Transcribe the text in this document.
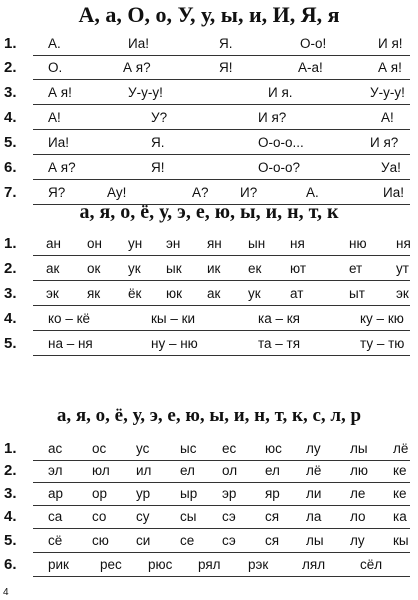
А, а, О, о, У, у, ы, и, И, Я, я
а, я, о, ё, у, э, е, ю, ы, и, н, т, к
а, я, о, ё, у, э, е, ю, ы, и, н, т, к, с, л, р
1. А.	Иа!	Я.	О-о!	И я!
2. О.	А я?	Я!	А-а!	А я!
3. А я!	У-у-у!	И я.	У-у-у!
4. А!	У?	И я?	А!
5. Иа!	Я.	О-о-о...	И я?
6. А я?	Я!	О-о-о?	Уа!
7. Я?	Ау!	А? И?	А.	Иа!
1. ан он ун эн ян ын ня	ню ня
2. ак ок ук ык ик ек ют	ет	ут
3. эк як ёк юк ак ук ат	ыт эк
4. ко – кё	кы – ки	ка – кя	ку – кю
5. на – ня	ну – ню	та – тя	ту – тю
1. ас ос ус ыс ес юс лу лы лё
2. эл юл ил ел ол ел лё лю ке
3. ар ор ур ыр эр яр ли ле ке
4. са со су сы сэ ся ла ло ка
5. сё сю си се сэ ся лы лу кы
6. рик рес рюс рял рэк лял	сёл
4
